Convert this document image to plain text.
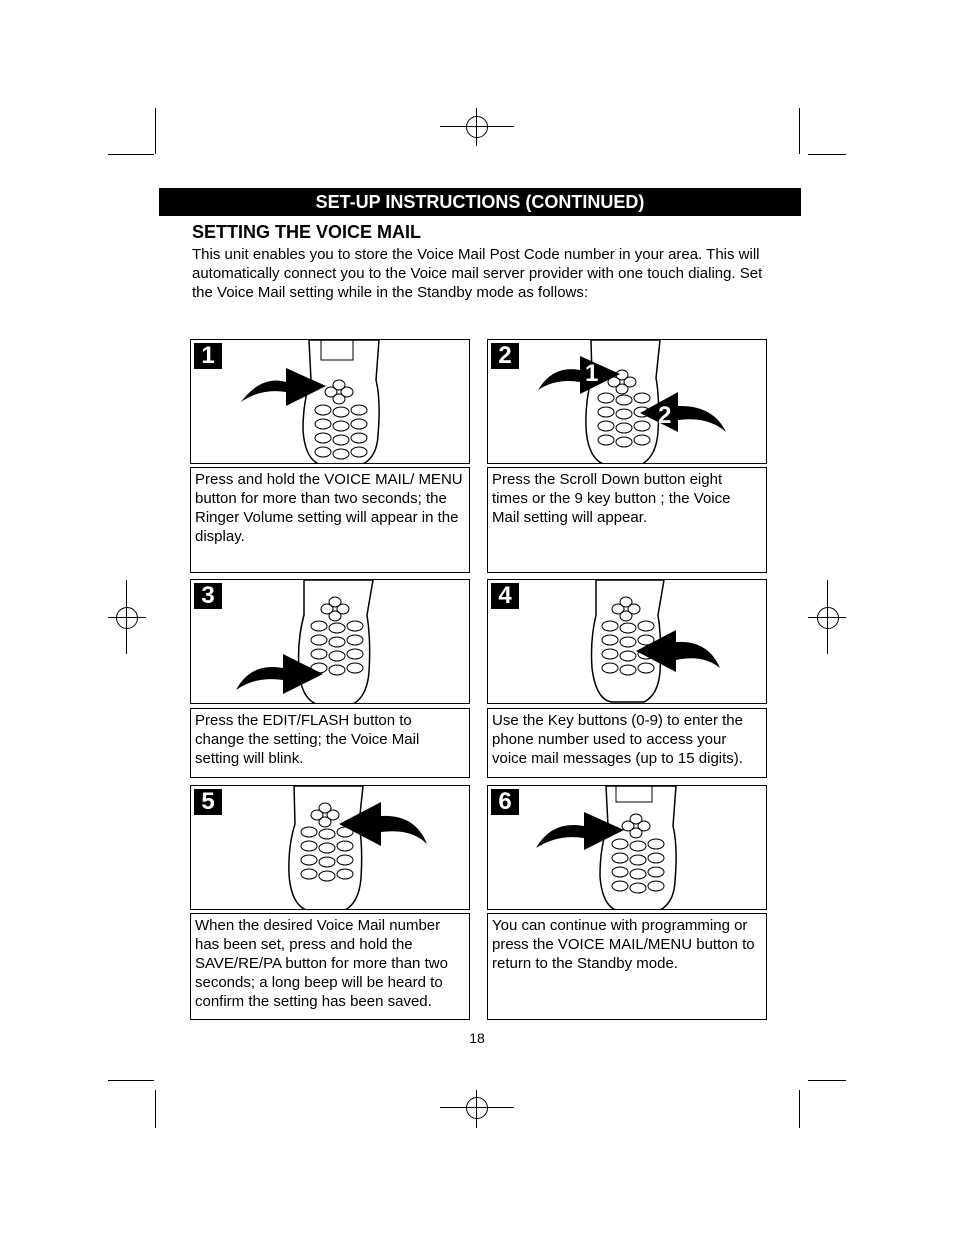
SET-UP INSTRUCTIONS (CONTINUED)
SETTING THE VOICE MAIL
This unit enables you to store the Voice Mail Post Code number in your area. This will automatically connect you to the Voice mail server provider with one touch dialing. Set the Voice Mail setting while in the Standby mode as follows:
1
Press and hold the VOICE MAIL/ MENU button for more than two seconds; the Ringer Volume setting will appear in the display.
1
2
2
Press the Scroll Down button eight times or the 9 key button ; the Voice Mail setting will appear.
3
Press the EDIT/FLASH button to change the setting; the Voice Mail setting will blink.
4
Use the Key buttons (0-9) to enter the phone number used to access your voice mail messages (up to 15 digits).
5
When the desired Voice Mail number has been set, press and hold the SAVE/RE/PA button for more than two seconds; a long beep will be heard to confirm the setting has been saved.
6
You can continue with programming or press the VOICE MAIL/MENU button to return to the Standby mode.
18
